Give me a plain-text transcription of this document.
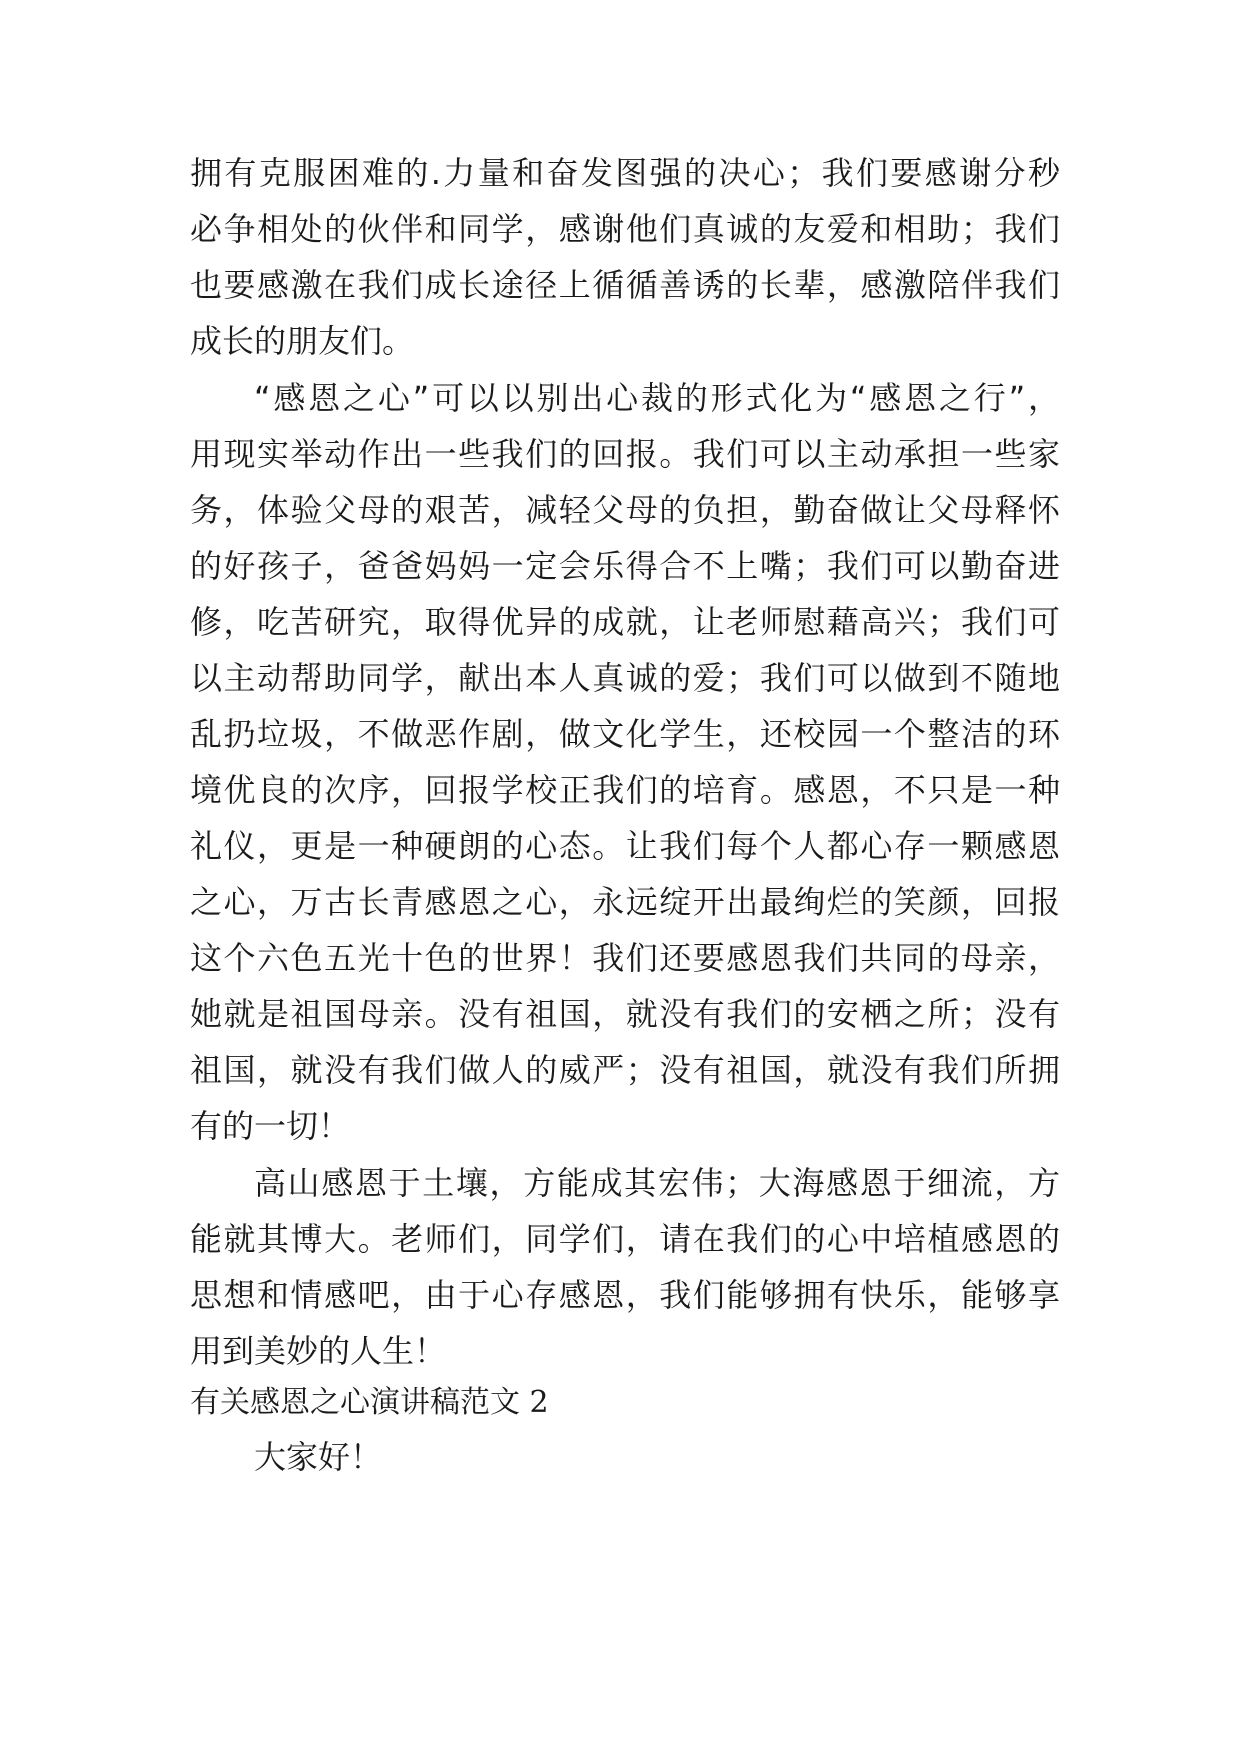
拥有克服困难的.力量和奋发图强的决心；我们要感谢分秒
必争相处的伙伴和同学，感谢他们真诚的友爱和相助；我们
也要感激在我们成长途径上循循善诱的长辈，感激陪伴我们
成长的朋友们。
“感恩之心”可以以别出心裁的形式化为“感恩之行”，
用现实举动作出一些我们的回报。我们可以主动承担一些家
务，体验父母的艰苦，减轻父母的负担，勤奋做让父母释怀
的好孩子，爸爸妈妈一定会乐得合不上嘴；我们可以勤奋进
修，吃苦研究，取得优异的成就，让老师慰藉高兴；我们可
以主动帮助同学，献出本人真诚的爱；我们可以做到不随地
乱扔垃圾，不做恶作剧，做文化学生，还校园一个整洁的环
境优良的次序，回报学校正我们的培育。感恩，不只是一种
礼仪，更是一种硬朗的心态。让我们每个人都心存一颗感恩
之心，万古长青感恩之心，永远绽开出最绚烂的笑颜，回报
这个六色五光十色的世界！我们还要感恩我们共同的母亲，
她就是祖国母亲。没有祖国，就没有我们的安栖之所；没有
祖国，就没有我们做人的威严；没有祖国，就没有我们所拥
有的一切！
高山感恩于土壤，方能成其宏伟；大海感恩于细流，方
能就其博大。老师们，同学们，请在我们的心中培植感恩的
思想和情感吧，由于心存感恩，我们能够拥有快乐，能够享
用到美妙的人生！
有关感恩之心演讲稿范文 2
大家好！
